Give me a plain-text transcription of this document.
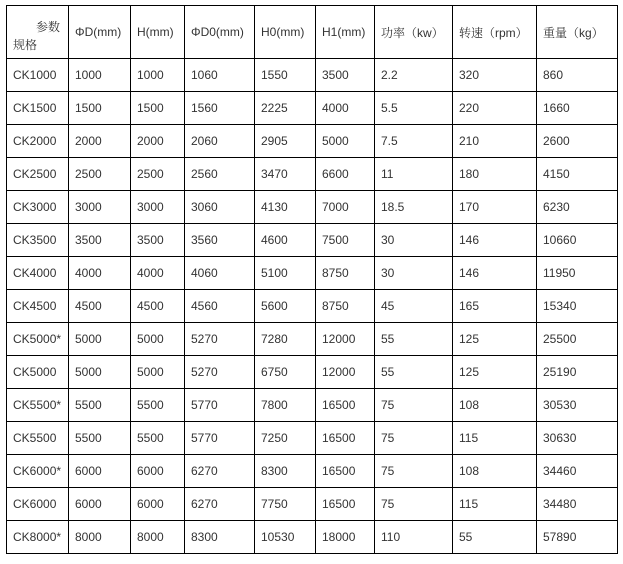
参数
规格	ΦD(mm)	H(mm)	ΦD0(mm)	H0(mm)	H1(mm)	功率（kw）	转速（rpm）	重量（kg）
CK1000	1000	1000	1060	1550	3500	2.2	320	860
CK1500	1500	1500	1560	2225	4000	5.5	220	1660
CK2000	2000	2000	2060	2905	5000	7.5	210	2600
CK2500	2500	2500	2560	3470	6600	11	180	4150
CK3000	3000	3000	3060	4130	7000	18.5	170	6230
CK3500	3500	3500	3560	4600	7500	30	146	10660
CK4000	4000	4000	4060	5100	8750	30	146	11950
CK4500	4500	4500	4560	5600	8750	45	165	15340
CK5000*	5000	5000	5270	7280	12000	55	125	25500
CK5000	5000	5000	5270	6750	12000	55	125	25190
CK5500*	5500	5500	5770	7800	16500	75	108	30530
CK5500	5500	5500	5770	7250	16500	75	115	30630
CK6000*	6000	6000	6270	8300	16500	75	108	34460
CK6000	6000	6000	6270	7750	16500	75	115	34480
CK8000*	8000	8000	8300	10530	18000	110	55	57890
